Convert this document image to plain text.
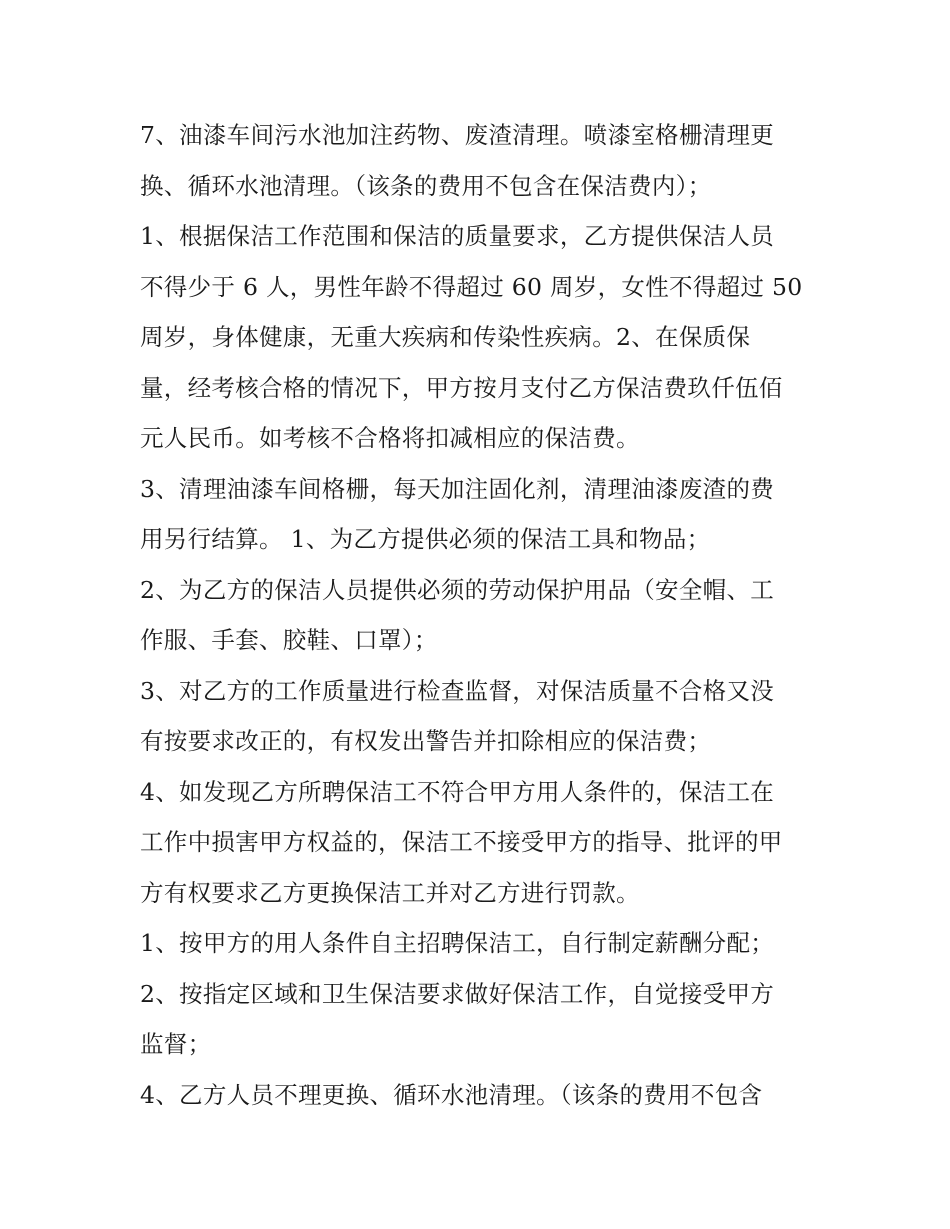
7、油漆车间污水池加注药物、废渣清理。喷漆室格栅清理更
换、循环水池清理。（该条的费用不包含在保洁费内）；
1、根据保洁工作范围和保洁的质量要求，乙方提供保洁人员
不得少于 6 人，男性年龄不得超过 60 周岁，女性不得超过 50
周岁，身体健康，无重大疾病和传染性疾病。2、在保质保
量，经考核合格的情况下，甲方按月支付乙方保洁费玖仟伍佰
元人民币。如考核不合格将扣减相应的保洁费。
3、清理油漆车间格栅，每天加注固化剂，清理油漆废渣的费
用另行结算。 1、为乙方提供必须的保洁工具和物品；
2、为乙方的保洁人员提供必须的劳动保护用品（安全帽、工
作服、手套、胶鞋、口罩）；
3、对乙方的工作质量进行检查监督，对保洁质量不合格又没
有按要求改正的，有权发出警告并扣除相应的保洁费；
4、如发现乙方所聘保洁工不符合甲方用人条件的，保洁工在
工作中损害甲方权益的，保洁工不接受甲方的指导、批评的甲
方有权要求乙方更换保洁工并对乙方进行罚款。
1、按甲方的用人条件自主招聘保洁工，自行制定薪酬分配；
2、按指定区域和卫生保洁要求做好保洁工作，自觉接受甲方
监督；
4、乙方人员不理更换、循环水池清理。（该条的费用不包含
